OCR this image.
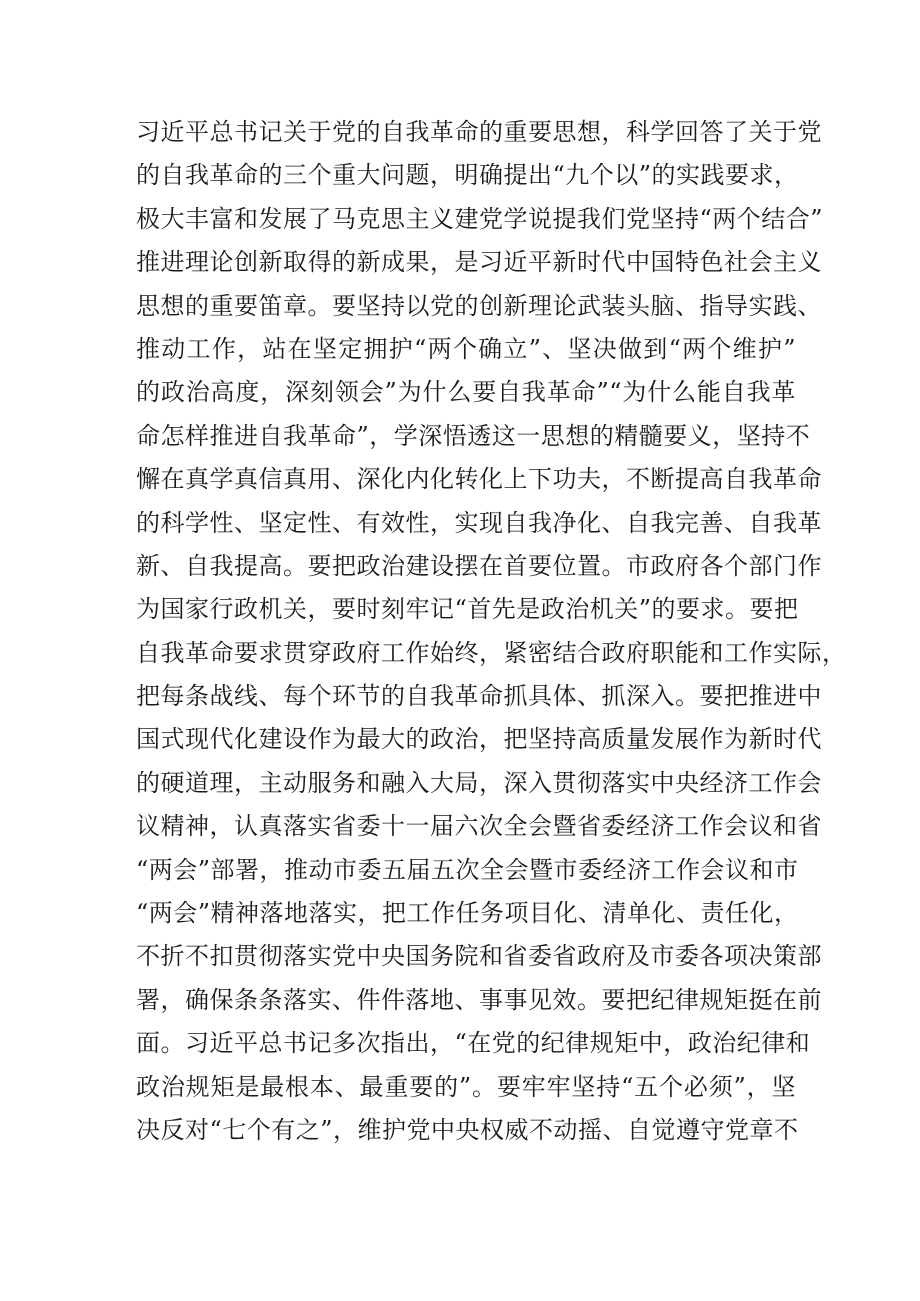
习近平总书记关于党的自我革命的重要思想，科学回答了关于党
的自我革命的三个重大问题，明确提出“九个以”的实践要求，
极大丰富和发展了马克思主义建党学说提我们党坚持“两个结合”
推进理论创新取得的新成果，是习近平新时代中国特色社会主义
思想的重要笛章。要坚持以党的创新理论武装头脑、指导实践、
推动工作，站在坚定拥护“两个确立”、坚决做到“两个维护”
的政治高度，深刻领会”为什么要自我革命”“为什么能自我革
命怎样推进自我革命”，学深悟透这一思想的精髓要义，坚持不
懈在真学真信真用、深化内化转化上下功夫，不断提高自我革命
的科学性、坚定性、有效性，实现自我净化、自我完善、自我革
新、自我提高。要把政治建设摆在首要位置。市政府各个部门作
为国家行政机关，要时刻牢记“首先是政治机关”的要求。要把
自我革命要求贯穿政府工作始终，紧密结合政府职能和工作实际，
把每条战线、每个环节的自我革命抓具体、抓深入。要把推进中
国式现代化建设作为最大的政治，把坚持高质量发展作为新时代
的硬道理，主动服务和融入大局，深入贯彻落实中央经济工作会
议精神，认真落实省委十一届六次全会暨省委经济工作会议和省
“两会”部署，推动市委五届五次全会暨市委经济工作会议和市
“两会”精神落地落实，把工作任务项目化、清单化、责任化，
不折不扣贯彻落实党中央国务院和省委省政府及市委各项决策部
署，确保条条落实、件件落地、事事见效。要把纪律规矩挺在前
面。习近平总书记多次指出，“在党的纪律规矩中，政治纪律和
政治规矩是最根本、最重要的”。要牢牢坚持“五个必须”，坚
决反对“七个有之”，维护党中央权威不动摇、自觉遵守党章不
